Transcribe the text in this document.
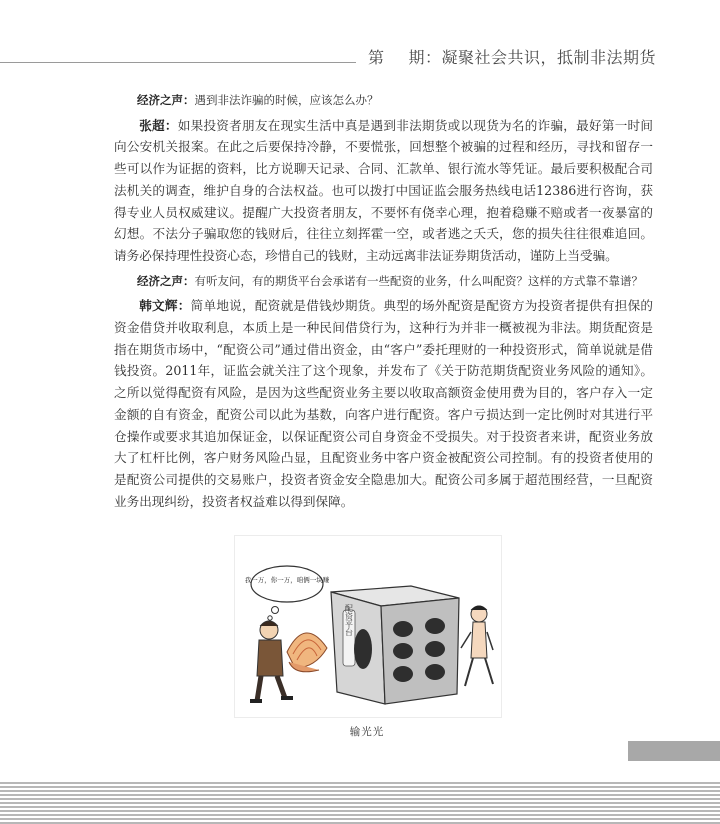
第 期：凝聚社会共识，抵制非法期货

经济之声：遇到非法诈骗的时候，应该怎么办？

张超：如果投资者朋友在现实生活中真是遇到非法期货或以现货为名的诈骗，最好第一时间向公安机关报案。在此之后要保持冷静，不要慌张，回想整个被骗的过程和经历，寻找和留存一些可以作为证据的资料，比方说聊天记录、合同、汇款单、银行流水等凭证。最后要积极配合司法机关的调查，维护自身的合法权益。也可以拨打中国证监会服务热线电话12386进行咨询，获得专业人员权威建议。提醒广大投资者朋友，不要怀有侥幸心理，抱着稳赚不赔或者一夜暴富的幻想。不法分子骗取您的钱财后，往往立刻挥霍一空，或者逃之夭夭，您的损失往往很难追回。请务必保持理性投资心态，珍惜自己的钱财，主动远离非法证券期货活动，谨防上当受骗。

经济之声：有听友问，有的期货平台会承诺有一些配资的业务，什么叫配资？这样的方式靠不靠谱？

韩文辉：简单地说，配资就是借钱炒期货。典型的场外配资是配资方为投资者提供有担保的资金借贷并收取利息，本质上是一种民间借贷行为，这种行为并非一概被视为非法。期货配资是指在期货市场中，“配资公司”通过借出资金，由“客户”委托理财的一种投资形式，简单说就是借钱投资。2011年，证监会就关注了这个现象，并发布了《关于防范期货配资业务风险的通知》。之所以觉得配资有风险，是因为这些配资业务主要以收取高额资金使用费为目的，客户存入一定金额的自有资金，配资公司以此为基数，向客户进行配资。客户亏损达到一定比例时对其进行平仓操作或要求其追加保证金，以保证配资公司自身资金不受损失。对于投资者来讲，配资业务放大了杠杆比例，客户财务风险凸显，且配资业务中客户资金被配资公司控制。有的投资者使用的是配资公司提供的交易账户，投资者资金安全隐患加大。配资公司多属于超范围经营，一旦配资业务出现纠纷，投资者权益难以得到保障。

我一万，你一万，咱俩一块赚
配资平台
输光光
